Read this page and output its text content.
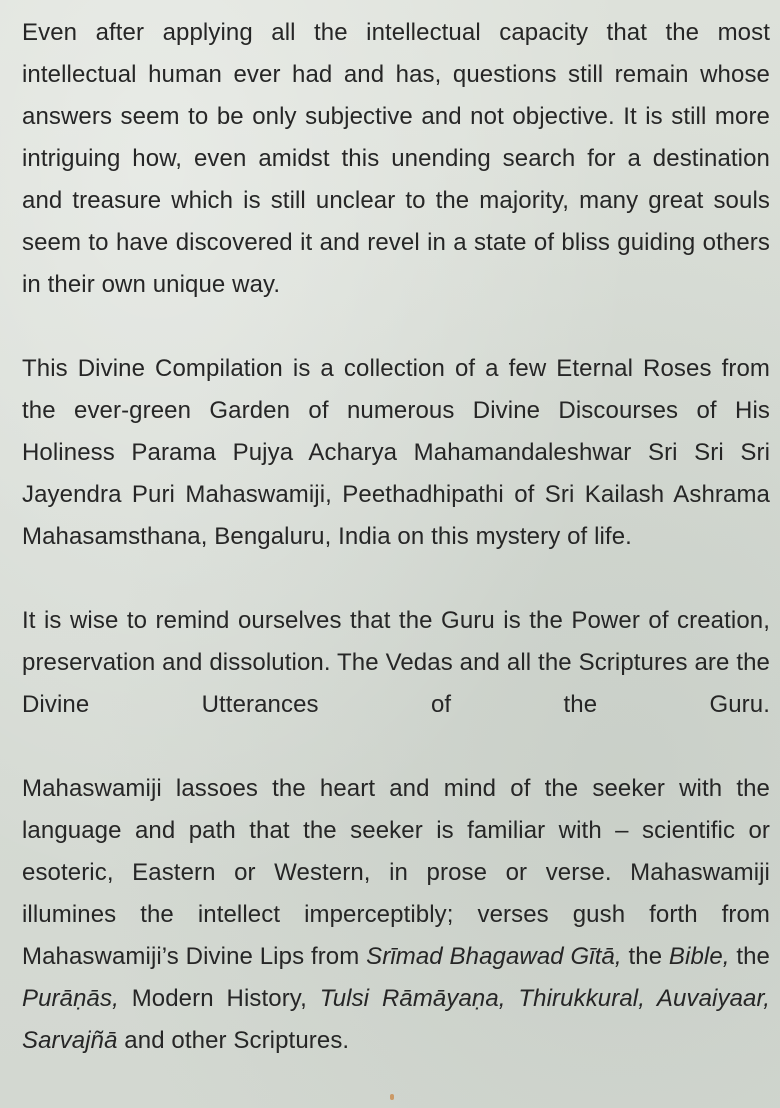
Even after applying all the intellectual capacity that the most intellectual human ever had and has, questions still remain whose answers seem to be only subjective and not objective. It is still more intriguing how, even amidst this unending search for a destination and treasure which is still unclear to the majority, many great souls seem to have discovered it and revel in a state of bliss guiding others in their own unique way.

This Divine Compilation is a collection of a few Eternal Roses from the ever-green Garden of numerous Divine Discourses of His Holiness Parama Pujya Acharya Mahamandaleshwar Sri Sri Sri Jayendra Puri Mahaswamiji, Peethadhipathi of Sri Kailash Ashrama Mahasamsthana, Bengaluru, India on this mystery of life.

It is wise to remind ourselves that the Guru is the Power of creation, preservation and dissolution. The Vedas and all the Scriptures are the Divine Utterances of the Guru.

Mahaswamiji lassoes the heart and mind of the seeker with the language and path that the seeker is familiar with – scientific or esoteric, Eastern or Western, in prose or verse. Mahaswamiji illumines the intellect imperceptibly; verses gush forth from Mahaswamiji’s Divine Lips from Srīmad Bhagawad Gītā, the Bible, the Purāṇās, Modern History, Tulsi Rāmāyaṇa, Thirukkural, Auvaiyaar, Sarvajñā and other Scriptures.
